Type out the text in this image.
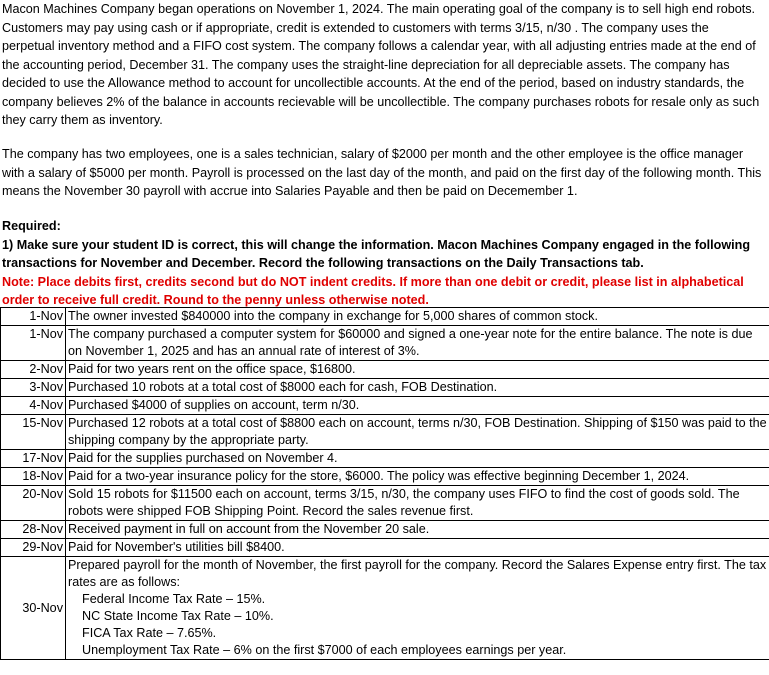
Macon Machines Company began operations on November 1, 2024. The main operating goal of the company is to sell high end robots. Customers may pay using cash or if appropriate, credit is extended to customers with terms 3/15, n/30 . The company uses the perpetual inventory method and a FIFO cost system. The company follows a calendar year, with all adjusting entries made at the end of the accounting period, December 31. The company uses the straight-line depreciation for all depreciable assets. The company has decided to use the Allowance method to account for uncollectible accounts. At the end of the period, based on industry standards, the company believes 2% of the balance in accounts recievable will be uncollectible. The company purchases robots for resale only as such they carry them as inventory.
The company has two employees, one is a sales technician, salary of $2000 per month and the other employee is the office manager with a salary of $5000 per month. Payroll is processed on the last day of the month, and paid on the first day of the following month. This means the November 30 payroll with accrue into Salaries Payable and then be paid on Decemember 1.
Required:
1) Make sure your student ID is correct, this will change the information. Macon Machines Company engaged in the following transactions for November and December. Record the following transactions on the Daily Transactions tab.
Note: Place debits first, credits second but do NOT indent credits. If more than one debit or credit, please list in alphabetical order to receive full credit. Round to the penny unless otherwise noted.
1-Nov	The owner invested $840000 into the company in exchange for 5,000 shares of common stock.
1-Nov	The company purchased a computer system for $60000 and signed a one-year note for the entire balance. The note is due on November 1, 2025 and has an annual rate of interest of 3%.
2-Nov	Paid for two years rent on the office space, $16800.
3-Nov	Purchased 10 robots at a total cost of $8000 each for cash, FOB Destination.
4-Nov	Purchased $4000 of supplies on account, term n/30.
15-Nov	Purchased 12 robots at a total cost of $8800 each on account, terms n/30, FOB Destination. Shipping of $150 was paid to the shipping company by the appropriate party.
17-Nov	Paid for the supplies purchased on November 4.
18-Nov	Paid for a two-year insurance policy for the store, $6000. The policy was effective beginning December 1, 2024.
20-Nov	Sold 15 robots for $11500 each on account, terms 3/15, n/30, the company uses FIFO to find the cost of goods sold. The robots were shipped FOB Shipping Point. Record the sales revenue first.
28-Nov	Received payment in full on account from the November 20 sale.
29-Nov	Paid for November's utilities bill $8400.
30-Nov	Prepared payroll for the month of November, the first payroll for the company. Record the Salares Expense entry first. The tax rates are as follows:
Federal Income Tax Rate – 15%.
NC State Income Tax Rate – 10%.
FICA Tax Rate – 7.65%.
Unemployment Tax Rate – 6% on the first $7000 of each employees earnings per year.
